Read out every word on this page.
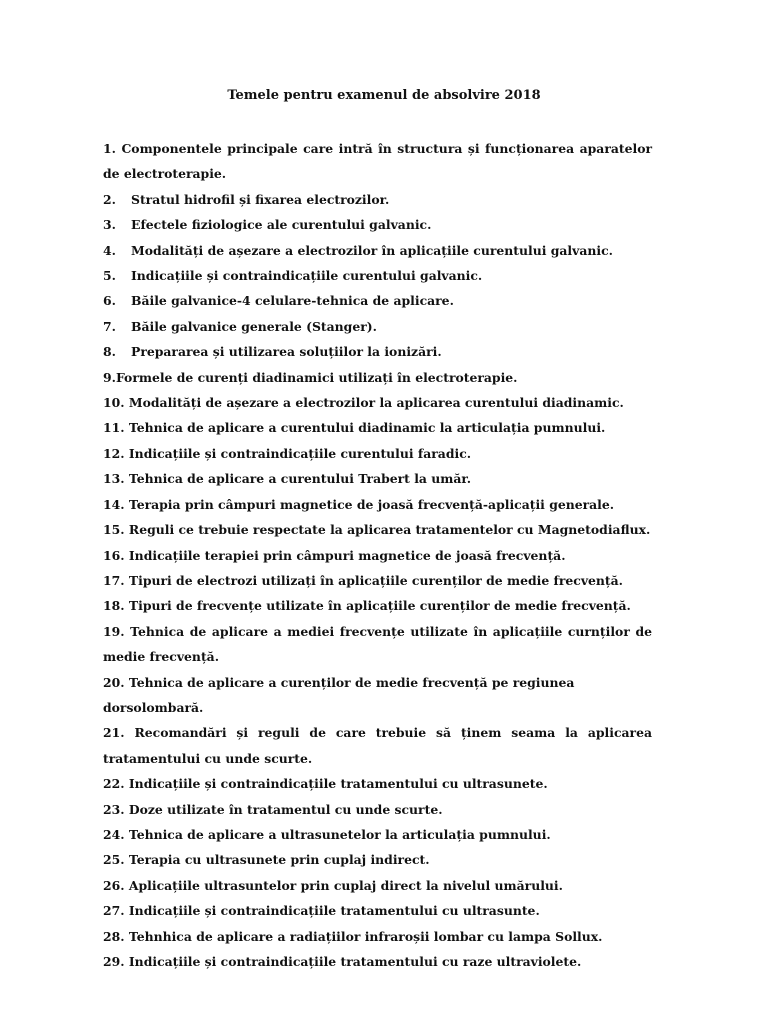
Temele pentru examenul de absolvire 2018
1. Componentele principale care intră în structura și funcționarea aparatelor de electroterapie.
2. Stratul hidrofil și fixarea electrozilor.
3. Efectele fiziologice ale curentului galvanic.
4. Modalități de așezare a electrozilor în aplicațiile curentului galvanic.
5. Indicațiile și contraindicațiile curentului galvanic.
6. Băile galvanice-4 celulare-tehnica de aplicare.
7. Băile galvanice generale (Stanger).
8. Prepararea și utilizarea soluțiilor la ionizări.
9.Formele de curenți diadinamici utilizați în electroterapie.
10. Modalități de așezare a electrozilor la aplicarea curentului diadinamic.
11. Tehnica de aplicare a curentului diadinamic la articulația pumnului.
12. Indicațiile și contraindicațiile curentului faradic.
13. Tehnica de aplicare a curentului Trabert la umăr.
14. Terapia prin câmpuri magnetice de joasă frecvență-aplicații generale.
15. Reguli ce trebuie respectate la aplicarea tratamentelor cu Magnetodiaflux.
16. Indicațiile terapiei prin câmpuri magnetice de joasă frecvență.
17. Tipuri de electrozi utilizați în aplicațiile curenților de medie frecvență.
18. Tipuri de frecvențe utilizate în aplicațiile curenților de medie frecvență.
19. Tehnica de aplicare a mediei frecvențe utilizate în aplicațiile curnților de medie frecvență.
20. Tehnica de aplicare a curenților de medie frecvență pe regiunea dorsolombară.
21. Recomandări și reguli de care trebuie să ținem seama la aplicarea tratamentului cu unde scurte.
22. Indicațiile și contraindicațiile tratamentului cu ultrasunete.
23. Doze utilizate în tratamentul cu unde scurte.
24. Tehnica de aplicare a ultrasunetelor la articulația pumnului.
25. Terapia cu ultrasunete prin cuplaj indirect.
26. Aplicațiile ultrasuntelor prin cuplaj direct la nivelul umărului.
27. Indicațiile și contraindicațiile tratamentului cu ultrasunte.
28. Tehnhica de aplicare a radiațiilor infraroșii lombar cu lampa Sollux.
29. Indicațiile și contraindicațiile tratamentului cu raze ultraviolete.
